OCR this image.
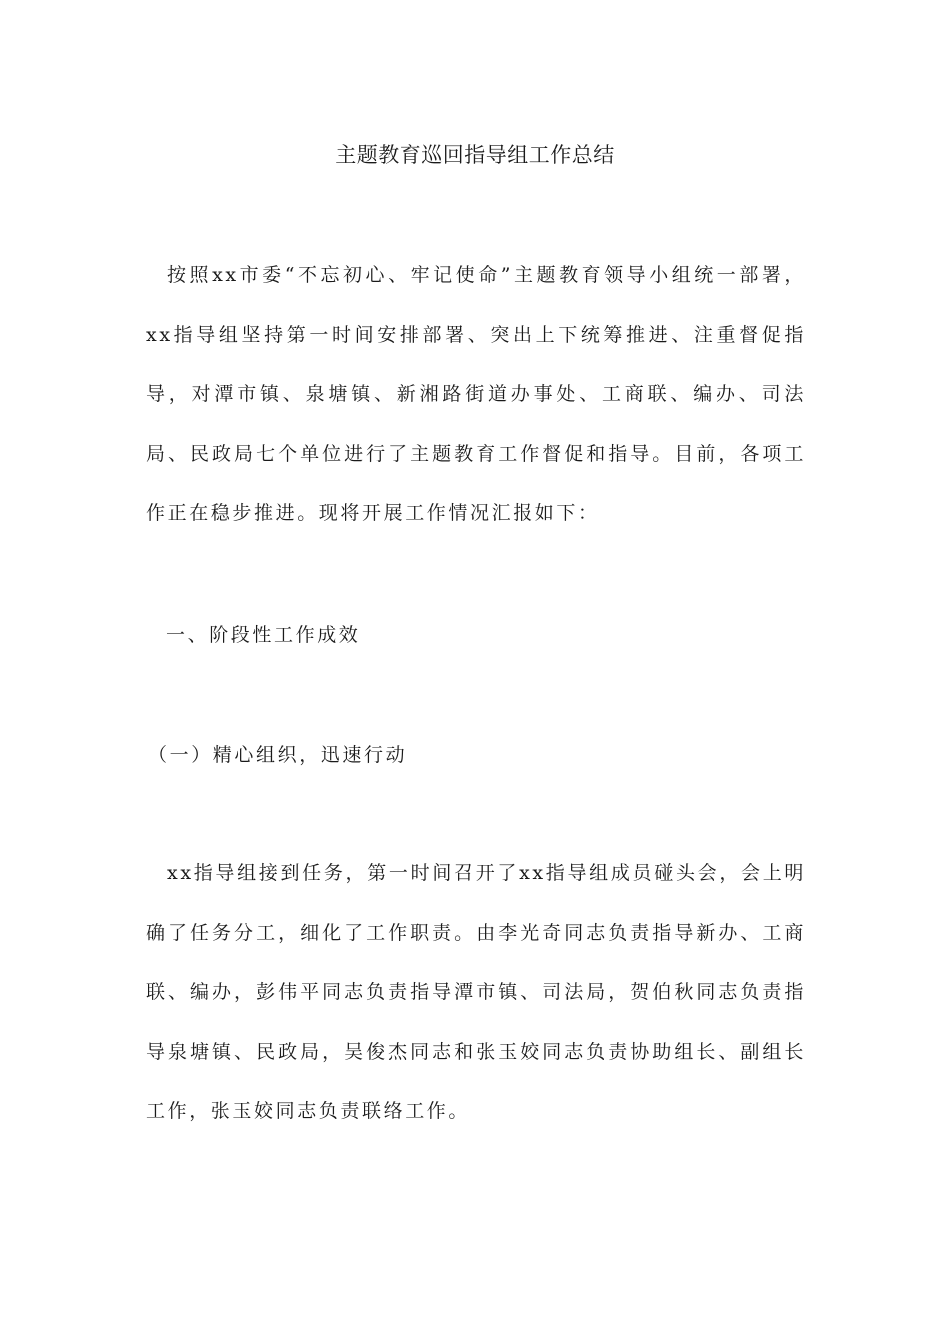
主题教育巡回指导组工作总结
按照xx市委“不忘初心、牢记使命”主题教育领导小组统一部署，xx指导组坚持第一时间安排部署、突出上下统筹推进、注重督促指导，对潭市镇、泉塘镇、新湘路街道办事处、工商联、编办、司法局、民政局七个单位进行了主题教育工作督促和指导。目前，各项工作正在稳步推进。现将开展工作情况汇报如下：
一、阶段性工作成效
（一）精心组织，迅速行动
xx指导组接到任务，第一时间召开了xx指导组成员碰头会，会上明确了任务分工，细化了工作职责。由李光奇同志负责指导新办、工商联、编办，彭伟平同志负责指导潭市镇、司法局，贺伯秋同志负责指导泉塘镇、民政局，吴俊杰同志和张玉姣同志负责协助组长、副组长工作，张玉姣同志负责联络工作。
